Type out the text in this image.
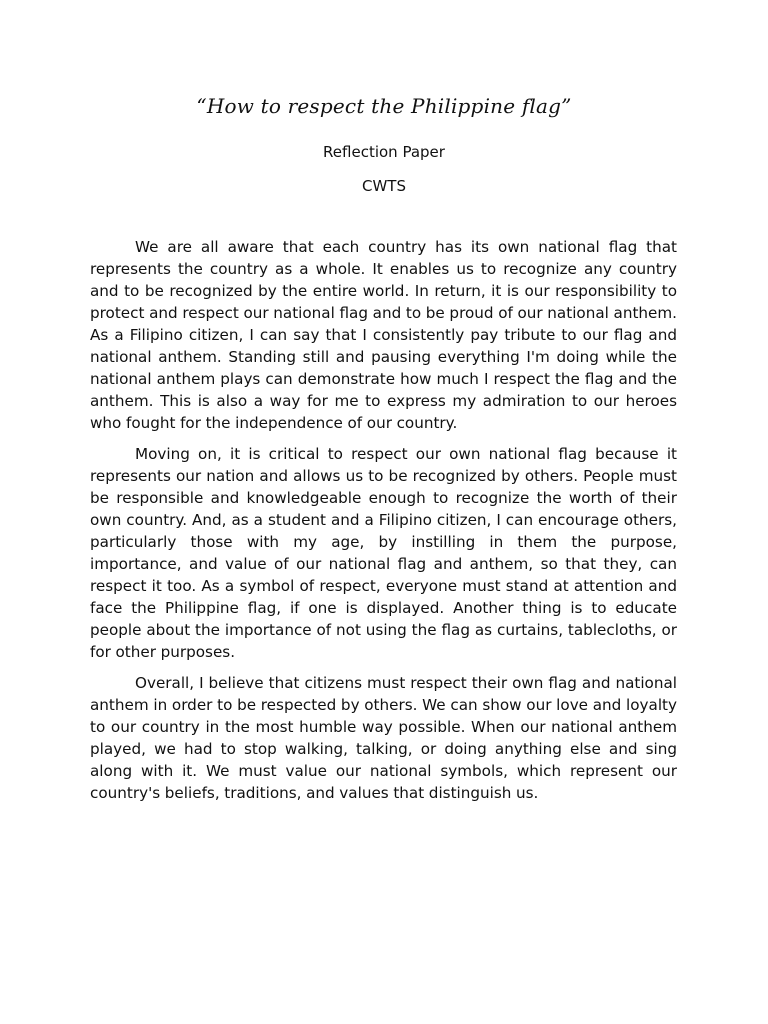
“How to respect the Philippine flag”
Reflection Paper
CWTS

We are all aware that each country has its own national flag that represents the country as a whole. It enables us to recognize any country and to be recognized by the entire world. In return, it is our responsibility to protect and respect our national flag and to be proud of our national anthem. As a Filipino citizen, I can say that I consistently pay tribute to our flag and national anthem. Standing still and pausing everything I'm doing while the national anthem plays can demonstrate how much I respect the flag and the anthem. This is also a way for me to express my admiration to our heroes who fought for the independence of our country.

Moving on, it is critical to respect our own national flag because it represents our nation and allows us to be recognized by others. People must be responsible and knowledgeable enough to recognize the worth of their own country. And, as a student and a Filipino citizen, I can encourage others, particularly those with my age, by instilling in them the purpose, importance, and value of our national flag and anthem, so that they, can respect it too. As a symbol of respect, everyone must stand at attention and face the Philippine flag, if one is displayed. Another thing is to educate people about the importance of not using the flag as curtains, tablecloths, or for other purposes.

Overall, I believe that citizens must respect their own flag and national anthem in order to be respected by others. We can show our love and loyalty to our country in the most humble way possible. When our national anthem played, we had to stop walking, talking, or doing anything else and sing along with it. We must value our national symbols, which represent our country's beliefs, traditions, and values that distinguish us.
